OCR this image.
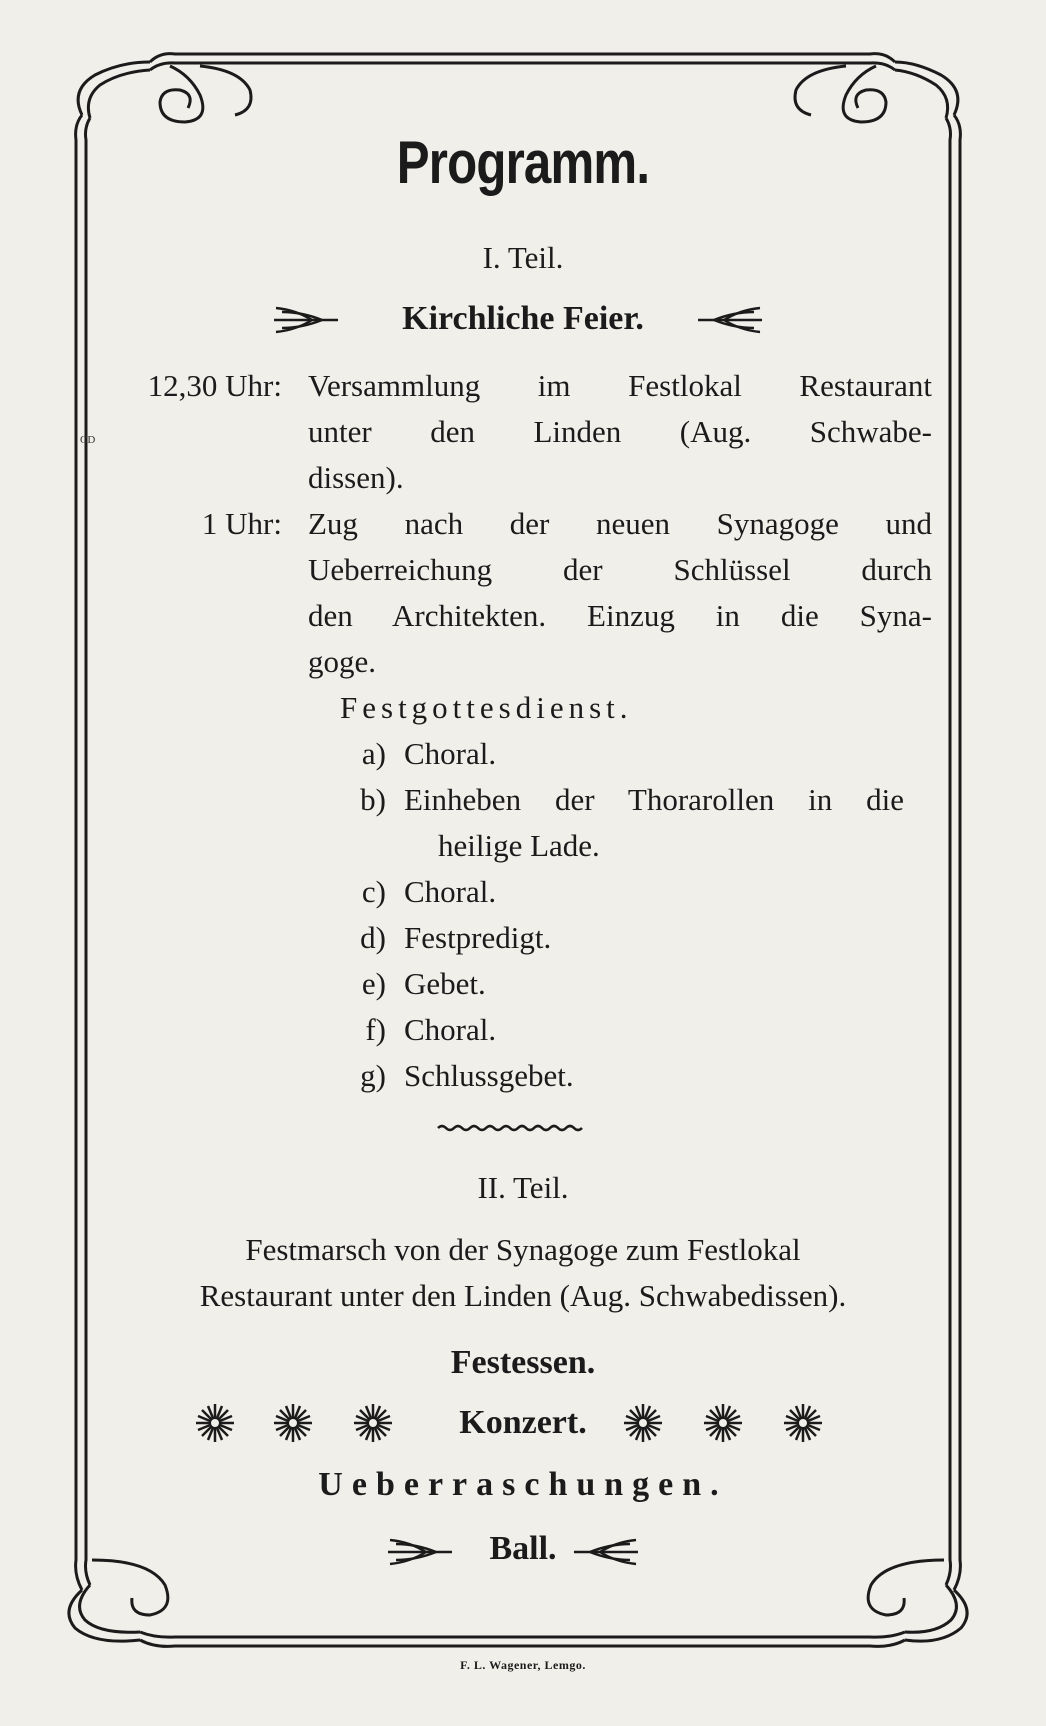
Programm.
I. Teil.
Kirchliche Feier.
12,30 Uhr: Versammlung im Festlokal Restaurant
unter den Linden (Aug. Schwabe-
dissen).
CD
1 Uhr: Zug nach der neuen Synagoge und
Ueberreichung der Schlüssel durch
den Architekten. Einzug in die Syna-
goge.
Festgottesdienst.
a) Choral.
b) Einheben der Thorarollen in die
heilige Lade.
c) Choral.
d) Festpredigt.
e) Gebet.
f) Choral.
g) Schlussgebet.
II. Teil.
Festmarsch von der Synagoge zum Festlokal
Restaurant unter den Linden (Aug. Schwabedissen).
Festessen.
Konzert.
Ueberraschungen.
Ball.
F. L. Wagener, Lemgo.
